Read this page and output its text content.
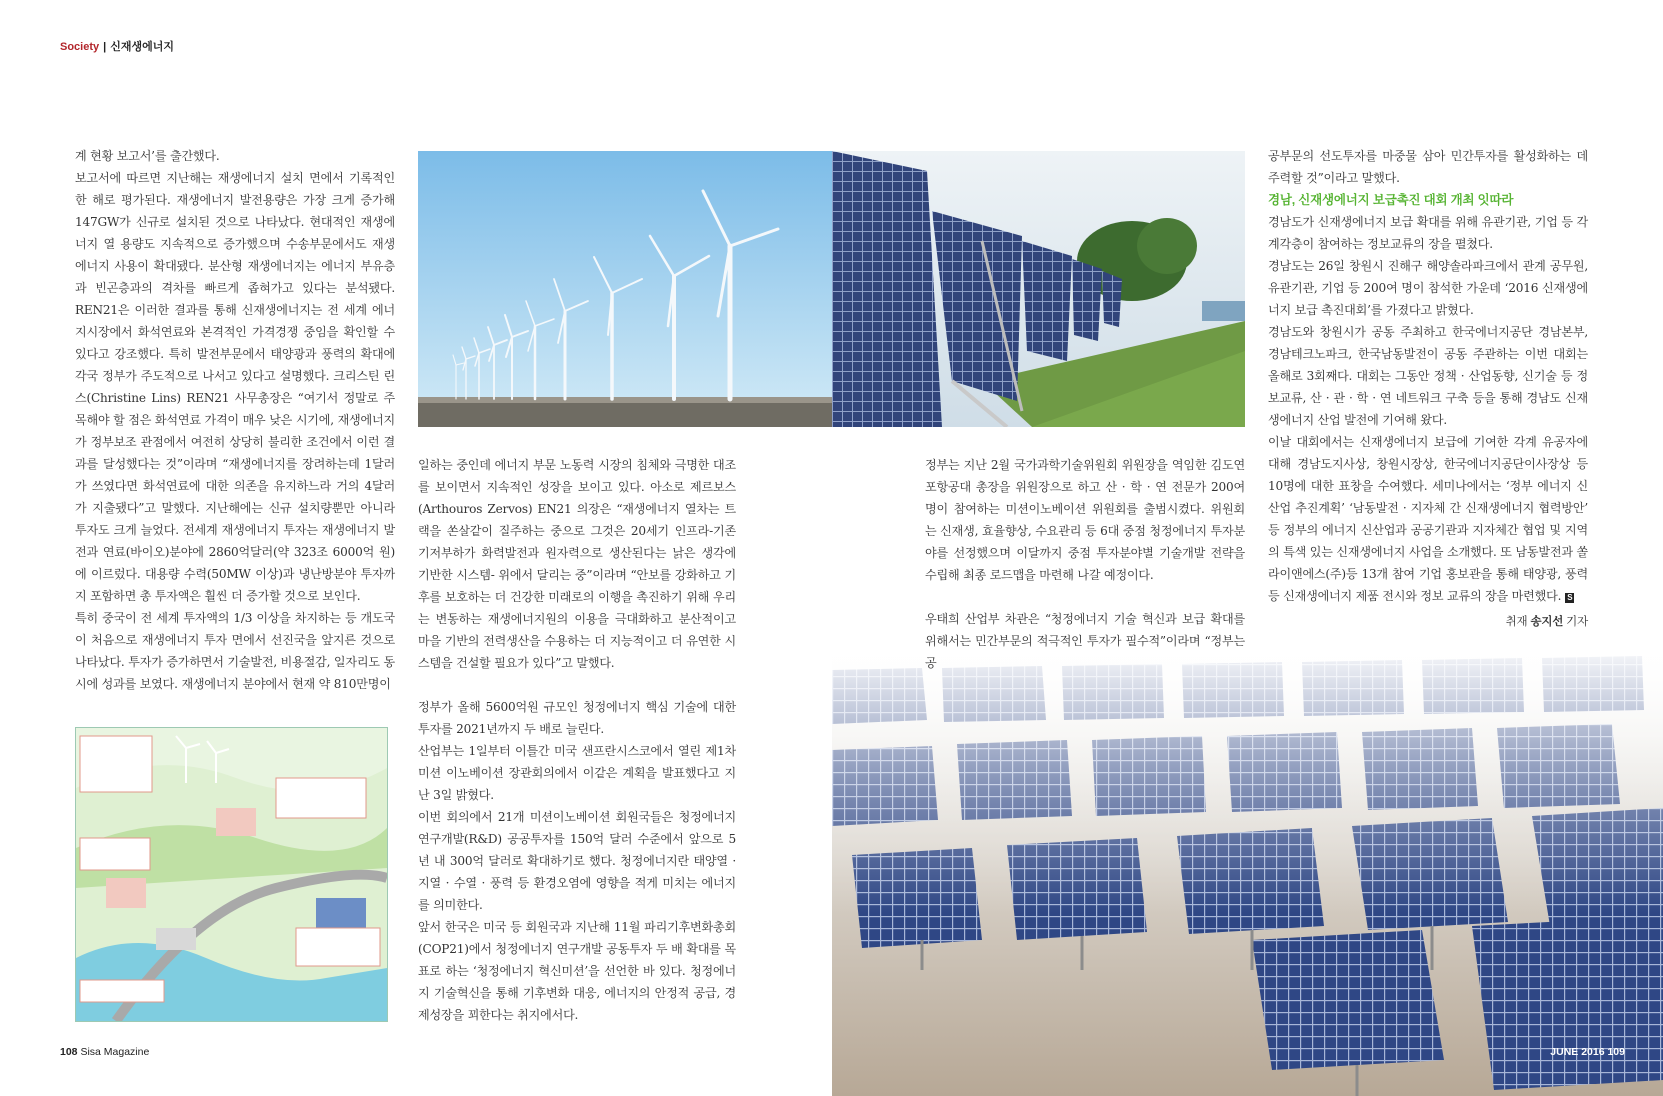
Society | 신재생에너지

계 현황 보고서’를 출간했다.

보고서에 따르면 지난해는 재생에너지 설치 면에서 기록적인 한 해로 평가된다. 재생에너지 발전용량은 가장 크게 증가해 147GW가 신규로 설치된 것으로 나타났다. 현대적인 재생에너지 열 용량도 지속적으로 증가했으며 수송부문에서도 재생에너지 사용이 확대됐다. 분산형 재생에너지는 에너지 부유층과 빈곤층과의 격차를 빠르게 좁혀가고 있다는 분석됐다. REN21은 이러한 결과를 통해 신재생에너지는 전 세계 에너지시장에서 화석연료와 본격적인 가격경쟁 중임을 확인할 수 있다고 강조했다. 특히 발전부문에서 태양광과 풍력의 확대에 각국 정부가 주도적으로 나서고 있다고 설명했다. 크리스틴 린스(Christine Lins) REN21 사무총장은 “여기서 정말로 주목해야 할 점은 화석연료 가격이 매우 낮은 시기에, 재생에너지가 정부보조 관점에서 여전히 상당히 불리한 조건에서 이런 결과를 달성했다는 것”이라며 “재생에너지를 장려하는데 1달러가 쓰였다면 화석연료에 대한 의존을 유지하느라 거의 4달러가 지출됐다”고 말했다. 지난해에는 신규 설치량뿐만 아니라 투자도 크게 늘었다. 전세계 재생에너지 투자는 재생에너지 발전과 연료(바이오)분야에 2860억달러(약 323조 6000억 원)에 이르렀다. 대용량 수력(50MW 이상)과 냉난방분야 투자까지 포함하면 총 투자액은 훨씬 더 증가할 것으로 보인다.

특히 중국이 전 세계 투자액의 1/3 이상을 차지하는 등 개도국이 처음으로 재생에너지 투자 면에서 선진국을 앞지른 것으로 나타났다. 투자가 증가하면서 기술발전, 비용절감, 일자리도 동시에 성과를 보였다. 재생에너지 분야에서 현재 약 810만명이

일하는 중인데 에너지 부문 노동력 시장의 침체와 극명한 대조를 보이면서 지속적인 성장을 보이고 있다. 아소로 제르보스(Arthouros Zervos) EN21 의장은 “재생에너지 열차는 트랙을 쏜살같이 질주하는 중으로 그것은 20세기 인프라-기존 기저부하가 화력발전과 원자력으로 생산된다는 낡은 생각에 기반한 시스템- 위에서 달리는 중”이라며 “안보를 강화하고 기후를 보호하는 더 건강한 미래로의 이행을 촉진하기 위해 우리는 변동하는 재생에너지원의 이용을 극대화하고 분산적이고 마을 기반의 전력생산을 수용하는 더 지능적이고 더 유연한 시스템을 건설할 필요가 있다”고 말했다.

정부가 올해 5600억원 규모인 청정에너지 핵심 기술에 대한 투자를 2021년까지 두 배로 늘린다.

산업부는 1일부터 이틀간 미국 샌프란시스코에서 열린 제1차 미션 이노베이션 장관회의에서 이같은 계획을 발표했다고 지난 3일 밝혔다.

이번 회의에서 21개 미션이노베이션 회원국들은 청정에너지 연구개발(R&D) 공공투자를 150억 달러 수준에서 앞으로 5년 내 300억 달러로 확대하기로 했다. 청정에너지란 태양열 · 지열 · 수열 · 풍력 등 환경오염에 영향을 적게 미치는 에너지를 의미한다.

앞서 한국은 미국 등 회원국과 지난해 11월 파리기후변화총회(COP21)에서 청정에너지 연구개발 공동투자 두 배 확대를 목표로 하는 ‘청정에너지 혁신미션’을 선언한 바 있다. 청정에너지 기술혁신을 통해 기후변화 대응, 에너지의 안정적 공급, 경제성장을 꾀한다는 취지에서다.

정부는 지난 2월 국가과학기술위원회 위원장을 역임한 김도연 포항공대 총장을 위원장으로 하고 산 · 학 · 연 전문가 200여 명이 참여하는 미션이노베이션 위원회를 출범시켰다. 위원회는 신재생, 효율향상, 수요관리 등 6대 중점 청정에너지 투자분야를 선정했으며 이달까지 중점 투자분야별 기술개발 전략을 수립해 최종 로드맵을 마련해 나갈 예정이다.

우태희 산업부 차관은 “청정에너지 기술 혁신과 보급 확대를 위해서는 민간부문의 적극적인 투자가 필수적”이라며 “정부는 공

공부문의 선도투자를 마중물 삼아 민간투자를 활성화하는 데 주력할 것”이라고 말했다.

경남, 신재생에너지 보급촉진 대회 개최 잇따라

경남도가 신재생에너지 보급 확대를 위해 유관기관, 기업 등 각계각층이 참여하는 정보교류의 장을 펼쳤다.

경남도는 26일 창원시 진해구 해양솔라파크에서 관계 공무원, 유관기관, 기업 등 200여 명이 참석한 가운데 ‘2016 신재생에너지 보급 촉진대회’를 가졌다고 밝혔다.

경남도와 창원시가 공동 주최하고 한국에너지공단 경남본부, 경남테크노파크, 한국남동발전이 공동 주관하는 이번 대회는 올해로 3회째다. 대회는 그동안 정책 · 산업동향, 신기술 등 정보교류, 산 · 관 · 학 · 연 네트워크 구축 등을 통해 경남도 신재생에너지 산업 발전에 기여해 왔다.

이날 대회에서는 신재생에너지 보급에 기여한 각계 유공자에 대해 경남도지사상, 창원시장상, 한국에너지공단이사장상 등 10명에 대한 표창을 수여했다. 세미나에서는 ‘정부 에너지 신산업 추진계획’ ‘남동발전 · 지자체 간 신재생에너지 협력방안’ 등 정부의 에너지 신산업과 공공기관과 지자체간 협업 및 지역의 특색 있는 신재생에너지 사업을 소개했다. 또 남동발전과 쏠라이앤에스(주)등 13개 참여 기업 홍보관을 통해 태양광, 풍력 등 신재생에너지 제품 전시와 정보 교류의 장을 마련했다. S

취재 송지선 기자
108 Sisa Magazine	JUNE 2016 109
